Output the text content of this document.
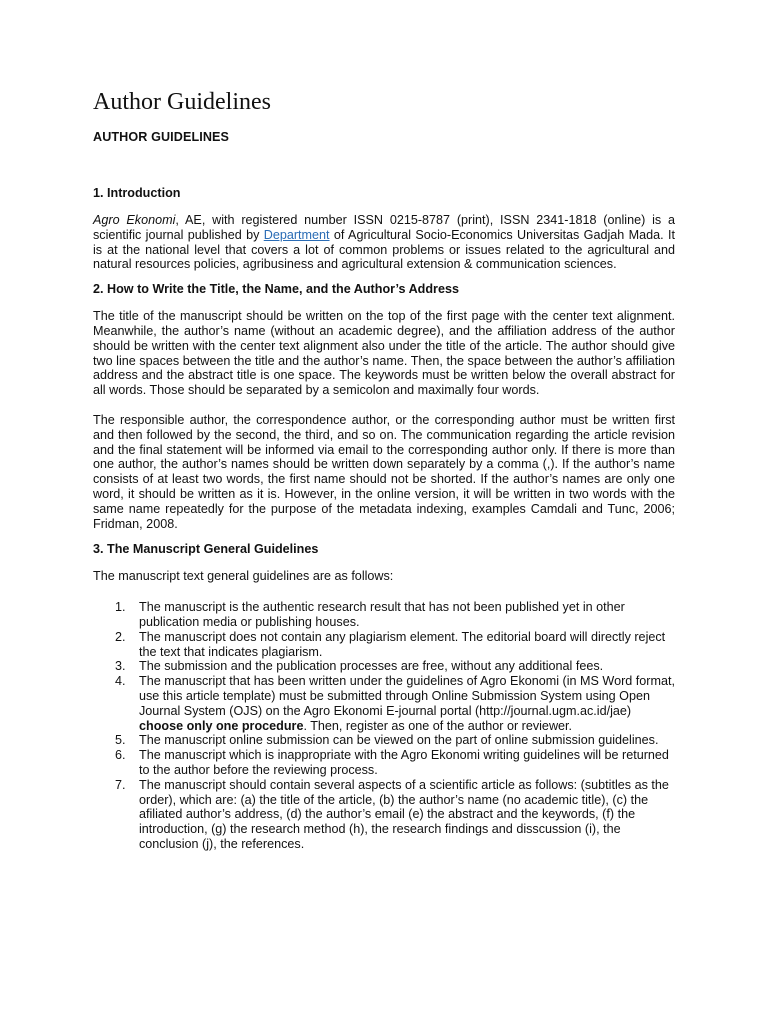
Author Guidelines
AUTHOR GUIDELINES
1. Introduction

Agro Ekonomi, AE, with registered number ISSN 0215-8787 (print), ISSN 2341-1818 (online) is a scientific journal published by Department of Agricultural Socio-Economics Universitas Gadjah Mada. It is at the national level that covers a lot of common problems or issues related to the agricultural and natural resources policies, agribusiness and agricultural extension & communication sciences.

2. How to Write the Title, the Name, and the Author’s Address

The title of the manuscript should be written on the top of the first page with the center text alignment. Meanwhile, the author’s name (without an academic degree), and the affiliation address of the author should be written with the center text alignment also under the title of the article. The author should give two line spaces between the title and the author’s name. Then, the space between the author’s affiliation address and the abstract title is one space. The keywords must be written below the overall abstract for all words. Those should be separated by a semicolon and maximally four words.

The responsible author, the correspondence author, or the corresponding author must be written first and then followed by the second, the third, and so on. The communication regarding the article revision and the final statement will be informed via email to the corresponding author only. If there is more than one author, the author’s names should be written down separately by a comma (,). If the author’s name consists of at least two words, the first name should not be shorted. If the author’s names are only one word, it should be written as it is. However, in the online version, it will be written in two words with the same name repeatedly for the purpose of the metadata indexing, examples Camdali and Tunc, 2006; Fridman, 2008.

3. The Manuscript General Guidelines

The manuscript text general guidelines are as follows:

1. The manuscript is the authentic research result that has not been published yet in other publication media or publishing houses.
2. The manuscript does not contain any plagiarism element. The editorial board will directly reject the text that indicates plagiarism.
3. The submission and the publication processes are free, without any additional fees.
4. The manuscript that has been written under the guidelines of Agro Ekonomi (in MS Word format, use this article template) must be submitted through Online Submission System using Open Journal System (OJS) on the Agro Ekonomi E-journal portal (http://journal.ugm.ac.id/jae) choose only one procedure. Then, register as one of the author or reviewer.
5. The manuscript online submission can be viewed on the part of online submission guidelines.
6. The manuscript which is inappropriate with the Agro Ekonomi writing guidelines will be returned to the author before the reviewing process.
7. The manuscript should contain several aspects of a scientific article as follows: (subtitles as the order), which are: (a) the title of the article, (b) the author’s name (no academic title), (c) the afiliated author’s address, (d) the author’s email (e) the abstract and the keywords, (f) the introduction, (g) the research method (h), the research findings and disscussion (i), the conclusion (j), the references.
